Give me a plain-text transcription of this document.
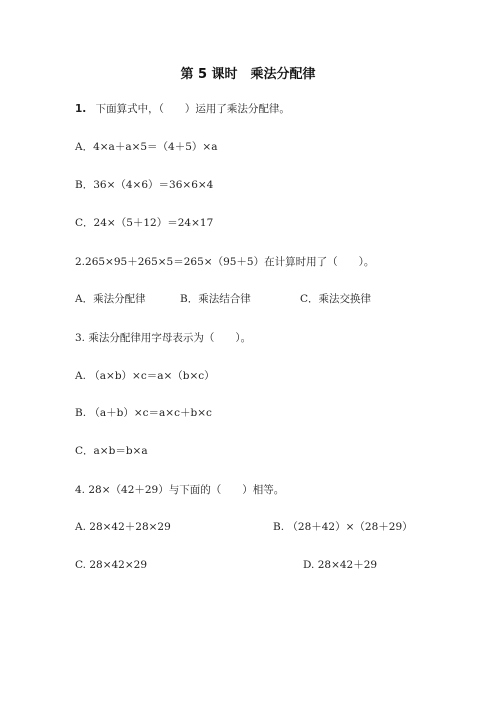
第 5 课时　乘法分配律
1. 下面算式中，（　　）运用了乘法分配律。
A．4×a＋a×5＝（4＋5）×a
B．36×（4×6）＝36×6×4
C．24×（5＋12）＝24×17
2.265×95＋265×5＝265×（95＋5）在计算时用了（　　）。
A．乘法分配律	B．乘法结合律	C．乘法交换律
3. 乘法分配律用字母表示为（　　）。
A. （a×b）×c＝a×（b×c）
B. （a＋b）×c＝a×c＋b×c
C．a×b＝b×a
4. 28×（42＋29）与下面的（　　）相等。
A. 28×42＋28×29	B. （28＋42）×（28＋29）
C. 28×42×29	D. 28×42＋29
